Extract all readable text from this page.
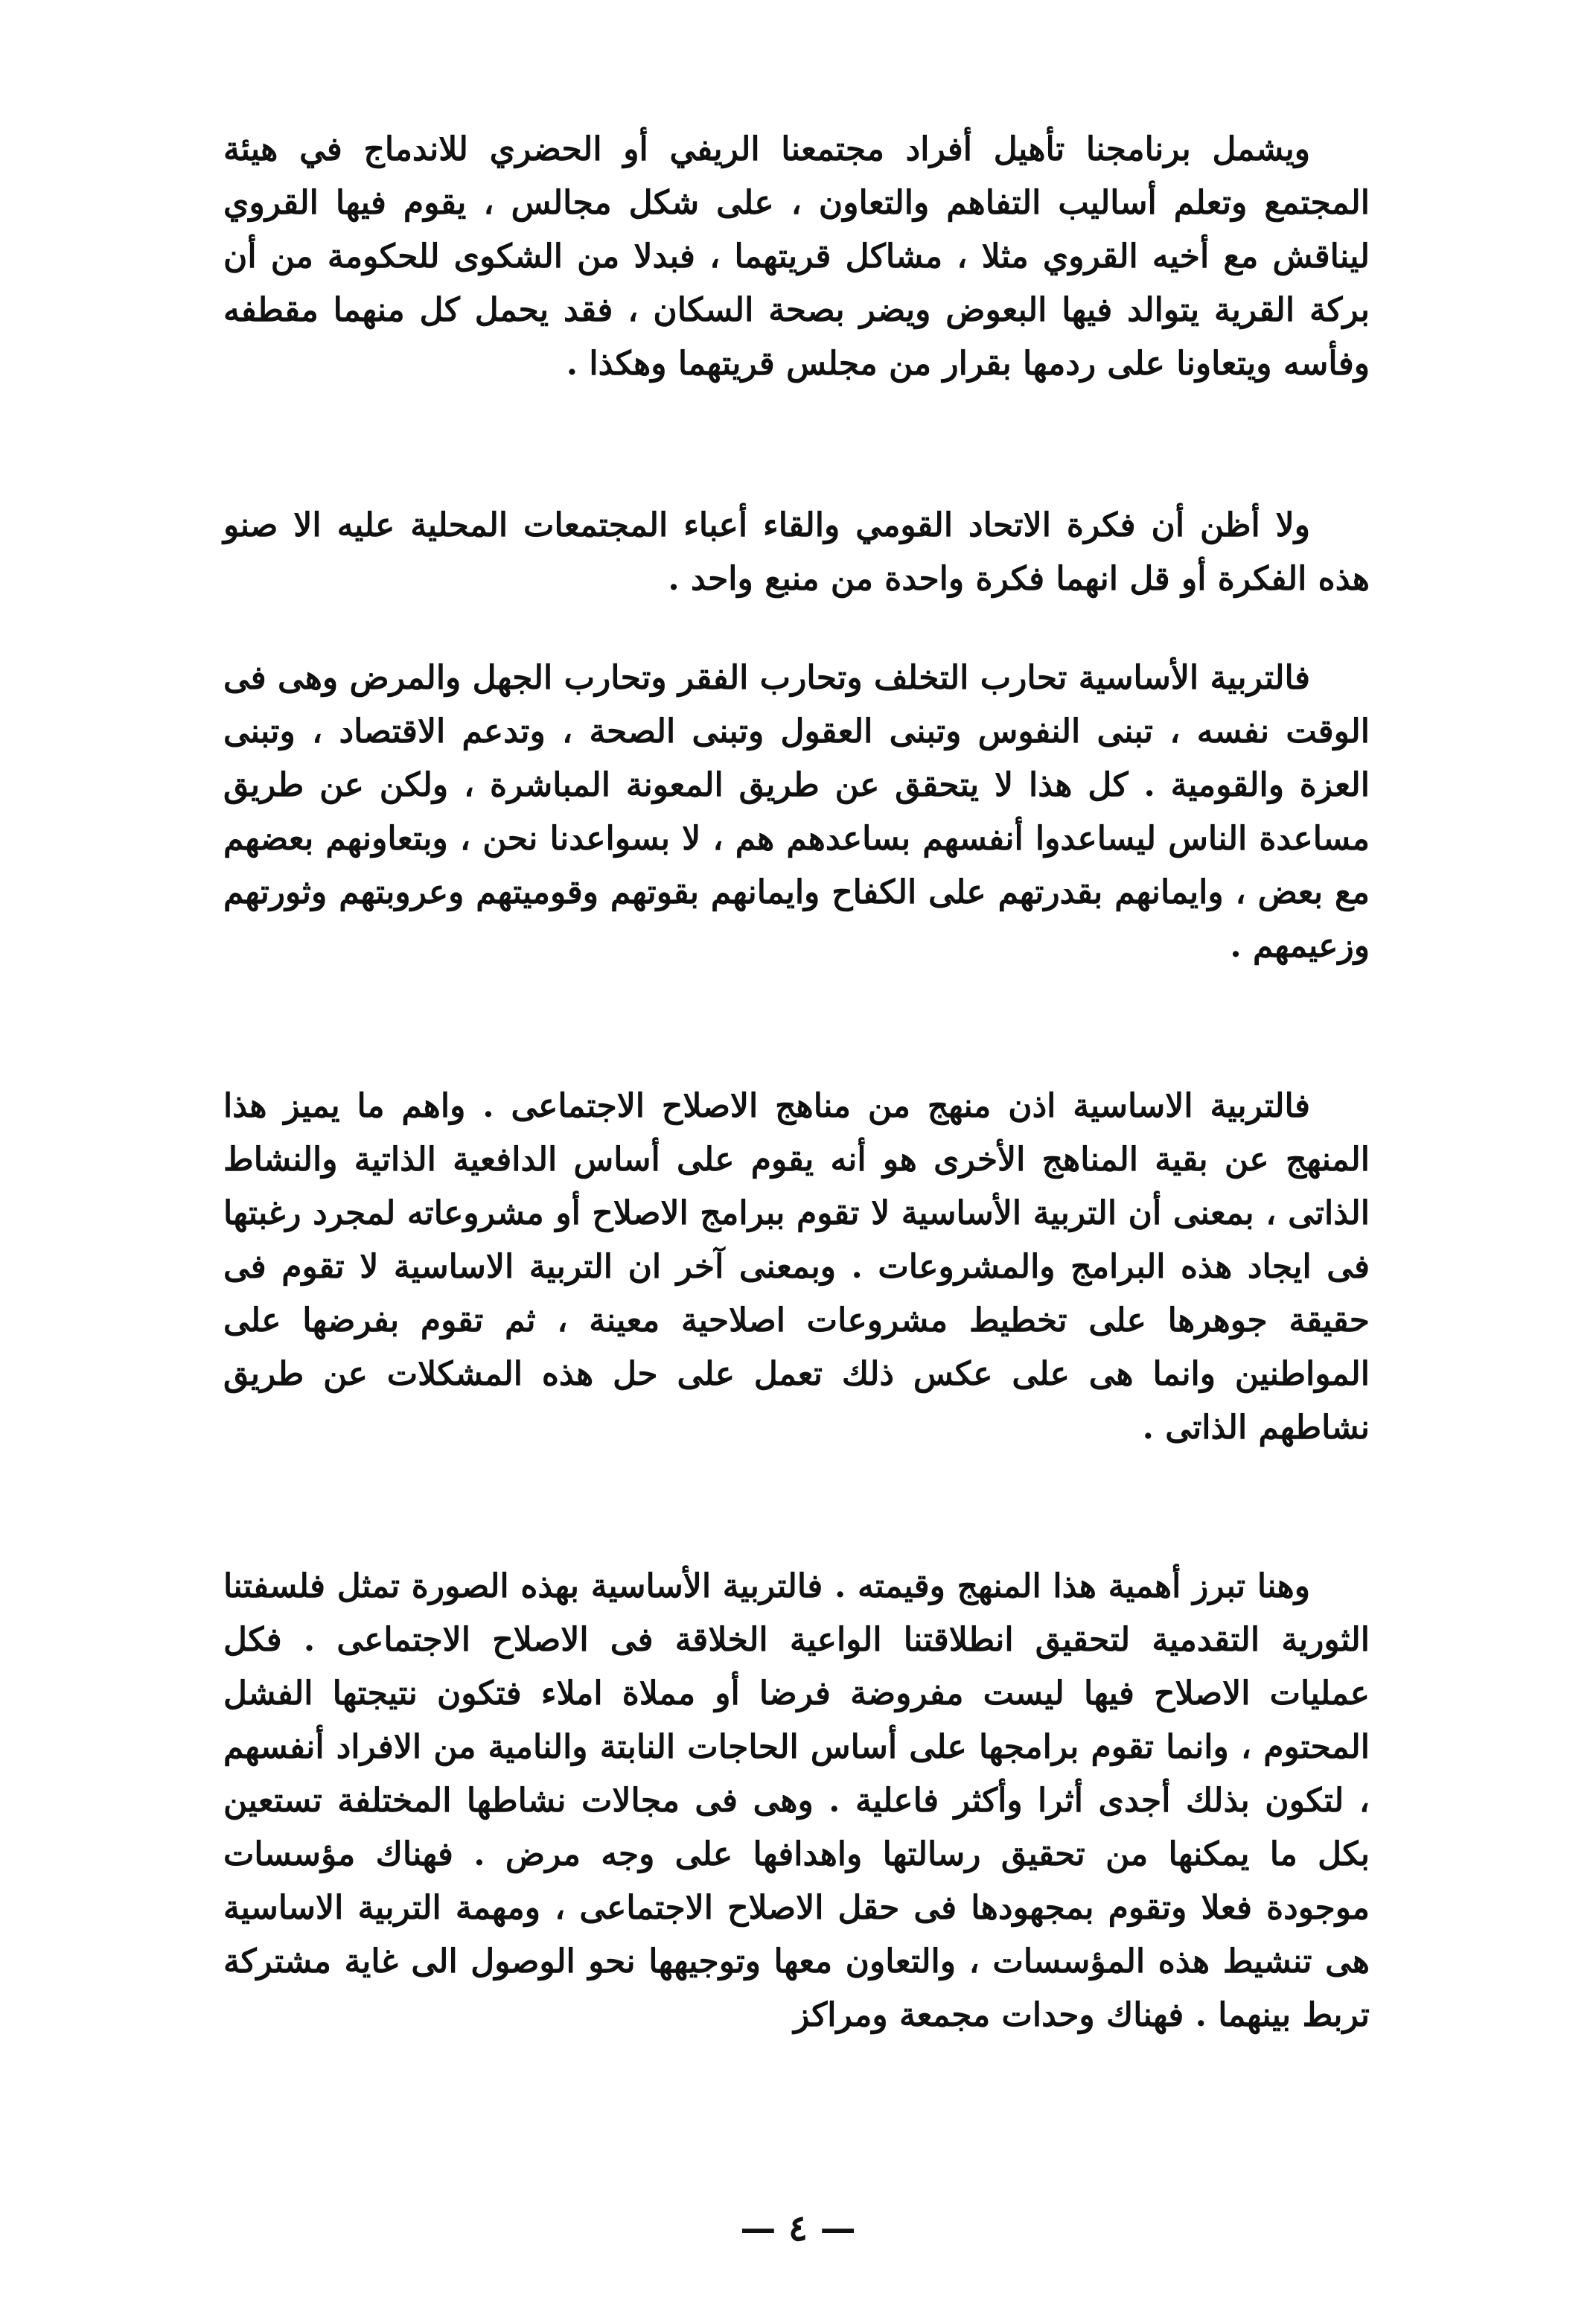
ويشمل برنامجنا تأهيل أفراد مجتمعنا الريفي أو الحضري للاندماج في هيئة المجتمع وتعلم أساليب التفاهم والتعاون ، على شكل مجالس ، يقوم فيها القروي ليناقش مع أخيه القروي مثلا ، مشاكل قريتهما ، فبدلا من الشكوى للحكومة من أن بركة القرية يتوالد فيها البعوض ويضر بصحة السكان ، فقد يحمل كل منهما مقطفه وفأسه ويتعاونا على ردمها بقرار من مجلس قريتهما وهكذا .

ولا أظن أن فكرة الاتحاد القومي والقاء أعباء المجتمعات المحلية عليه الا صنو هذه الفكرة أو قل انهما فكرة واحدة من منبع واحد .

فالتربية الأساسية تحارب التخلف وتحارب الفقر وتحارب الجهل والمرض وهى فى الوقت نفسه ، تبنى النفوس وتبنى العقول وتبنى الصحة ، وتدعم الاقتصاد ، وتبنى العزة والقومية . كل هذا لا يتحقق عن طريق المعونة المباشرة ، ولكن عن طريق مساعدة الناس ليساعدوا أنفسهم بساعدهم هم ، لا بسواعدنا نحن ، وبتعاونهم بعضهم مع بعض ، وايمانهم بقدرتهم على الكفاح وايمانهم بقوتهم وقوميتهم وعروبتهم وثورتهم وزعيمهم .

فالتربية الاساسية اذن منهج من مناهج الاصلاح الاجتماعى . واهم ما يميز هذا المنهج عن بقية المناهج الأخرى هو أنه يقوم على أساس الدافعية الذاتية والنشاط الذاتى ، بمعنى أن التربية الأساسية لا تقوم ببرامج الاصلاح أو مشروعاته لمجرد رغبتها فى ايجاد هذه البرامج والمشروعات . وبمعنى آخر ان التربية الاساسية لا تقوم فى حقيقة جوهرها على تخطيط مشروعات اصلاحية معينة ، ثم تقوم بفرضها على المواطنين وانما هى على عكس ذلك تعمل على حل هذه المشكلات عن طريق نشاطهم الذاتى .

وهنا تبرز أهمية هذا المنهج وقيمته . فالتربية الأساسية بهذه الصورة تمثل فلسفتنا الثورية التقدمية لتحقيق انطلاقتنا الواعية الخلاقة فى الاصلاح الاجتماعى . فكل عمليات الاصلاح فيها ليست مفروضة فرضا أو مملاة املاء فتكون نتيجتها الفشل المحتوم ، وانما تقوم برامجها على أساس الحاجات النابتة والنامية من الافراد أنفسهم ، لتكون بذلك أجدى أثرا وأكثر فاعلية . وهى فى مجالات نشاطها المختلفة تستعين بكل ما يمكنها من تحقيق رسالتها واهدافها على وجه مرض . فهناك مؤسسات موجودة فعلا وتقوم بمجهودها فى حقل الاصلاح الاجتماعى ، ومهمة التربية الاساسية هى تنشيط هذه المؤسسات ، والتعاون معها وتوجيهها نحو الوصول الى غاية مشتركة تربط بينهما . فهناك وحدات مجمعة ومراكز

— ٤ —
